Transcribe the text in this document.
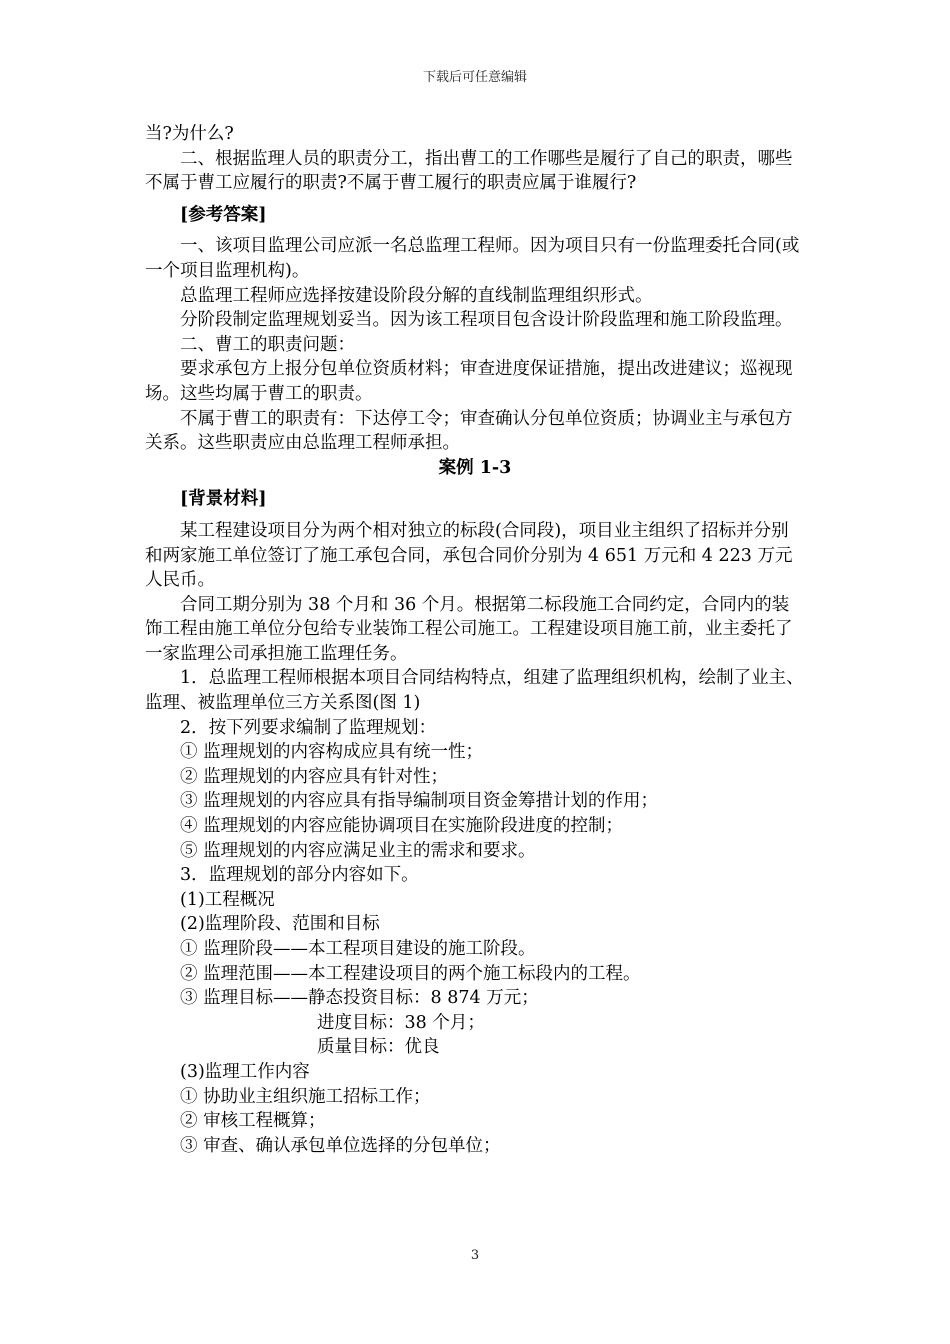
下载后可任意编辑

当?为什么?

二、根据监理人员的职责分工，指出曹工的工作哪些是履行了自己的职责，哪些不属于曹工应履行的职责?不属于曹工履行的职责应属于谁履行?

[参考答案]

一、该项目监理公司应派一名总监理工程师。因为项目只有一份监理委托合同(或一个项目监理机构)。

总监理工程师应选择按建设阶段分解的直线制监理组织形式。

分阶段制定监理规划妥当。因为该工程项目包含设计阶段监理和施工阶段监理。

二、曹工的职责问题：

要求承包方上报分包单位资质材料；审查进度保证措施，提出改进建议；巡视现场。这些均属于曹工的职责。

不属于曹工的职责有：下达停工令；审查确认分包单位资质；协调业主与承包方关系。这些职责应由总监理工程师承担。

案例 1-3

[背景材料]

某工程建设项目分为两个相对独立的标段(合同段)，项目业主组织了招标并分别和两家施工单位签订了施工承包合同，承包合同价分别为 4 651 万元和 4 223 万元人民币。

合同工期分别为 38 个月和 36 个月。根据第二标段施工合同约定，合同内的装饰工程由施工单位分包给专业装饰工程公司施工。工程建设项目施工前，业主委托了一家监理公司承担施工监理任务。

1．总监理工程师根据本项目合同结构特点，组建了监理组织机构，绘制了业主、监理、被监理单位三方关系图(图 1)

2．按下列要求编制了监理规划：

① 监理规划的内容构成应具有统一性；

② 监理规划的内容应具有针对性；

③ 监理规划的内容应具有指导编制项目资金筹措计划的作用；

④ 监理规划的内容应能协调项目在实施阶段进度的控制；

⑤ 监理规划的内容应满足业主的需求和要求。

3．监理规划的部分内容如下。

(1)工程概况

(2)监理阶段、范围和目标

① 监理阶段——本工程项目建设的施工阶段。

② 监理范围——本工程建设项目的两个施工标段内的工程。

③ 监理目标——静态投资目标：8 874 万元；

进度目标：38 个月；

质量目标：优良

(3)监理工作内容

① 协助业主组织施工招标工作；

② 审核工程概算；

③ 审查、确认承包单位选择的分包单位；

3
